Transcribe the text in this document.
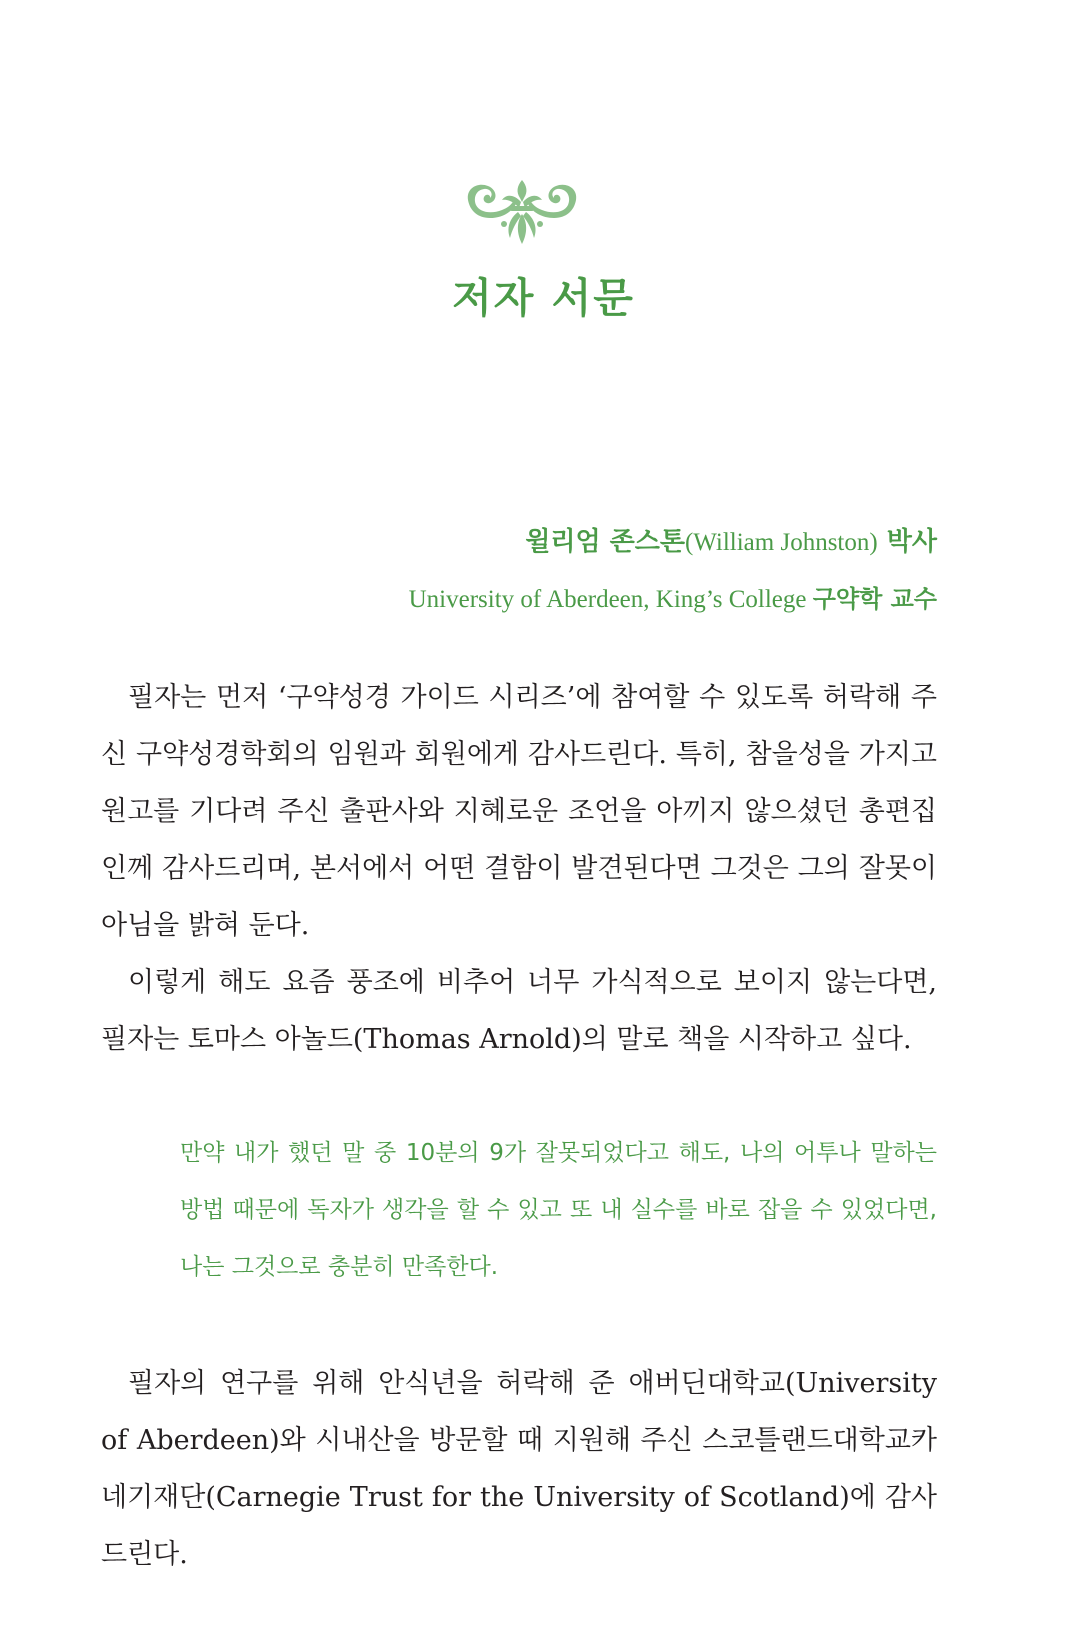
저자 서문

윌리엄 존스톤(William Johnston) 박사

University of Aberdeen, King’s College 구약학 교수

필자는 먼저 ‘구약성경 가이드 시리즈’에 참여할 수 있도록 허락해 주신 구약성경학회의 임원과 회원에게 감사드린다. 특히, 참을성을 가지고 원고를 기다려 주신 출판사와 지혜로운 조언을 아끼지 않으셨던 총편집인께 감사드리며, 본서에서 어떤 결함이 발견된다면 그것은 그의 잘못이 아님을 밝혀 둔다.

이렇게 해도 요즘 풍조에 비추어 너무 가식적으로 보이지 않는다면, 필자는 토마스 아놀드(Thomas Arnold)의 말로 책을 시작하고 싶다.

만약 내가 했던 말 중 10분의 9가 잘못되었다고 해도, 나의 어투나 말하는 방법 때문에 독자가 생각을 할 수 있고 또 내 실수를 바로 잡을 수 있었다면, 나는 그것으로 충분히 만족한다.

필자의 연구를 위해 안식년을 허락해 준 애버딘대학교(University of Aberdeen)와 시내산을 방문할 때 지원해 주신 스코틀랜드대학교카네기재단(Carnegie Trust for the University of Scotland)에 감사드린다.
